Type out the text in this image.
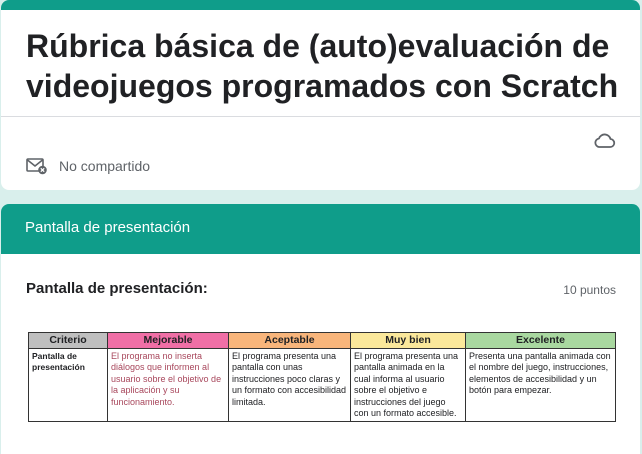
Rúbrica básica de (auto)evaluación de videojuegos programados con Scratch
No compartido
Pantalla de presentación
Pantalla de presentación:	10 puntos
Criterio	Mejorable	Aceptable	Muy bien	Excelente
Pantalla de presentación	El programa no inserta diálogos que informen al usuario sobre el objetivo de la aplicación y su funcionamiento.	El programa presenta una pantalla con unas instrucciones poco claras y un formato con accesibilidad limitada.	El programa presenta una pantalla animada en la cual informa al usuario sobre el objetivo e instrucciones del juego con un formato accesible.	Presenta una pantalla animada con el nombre del juego, instrucciones, elementos de accesibilidad y un botón para empezar.
